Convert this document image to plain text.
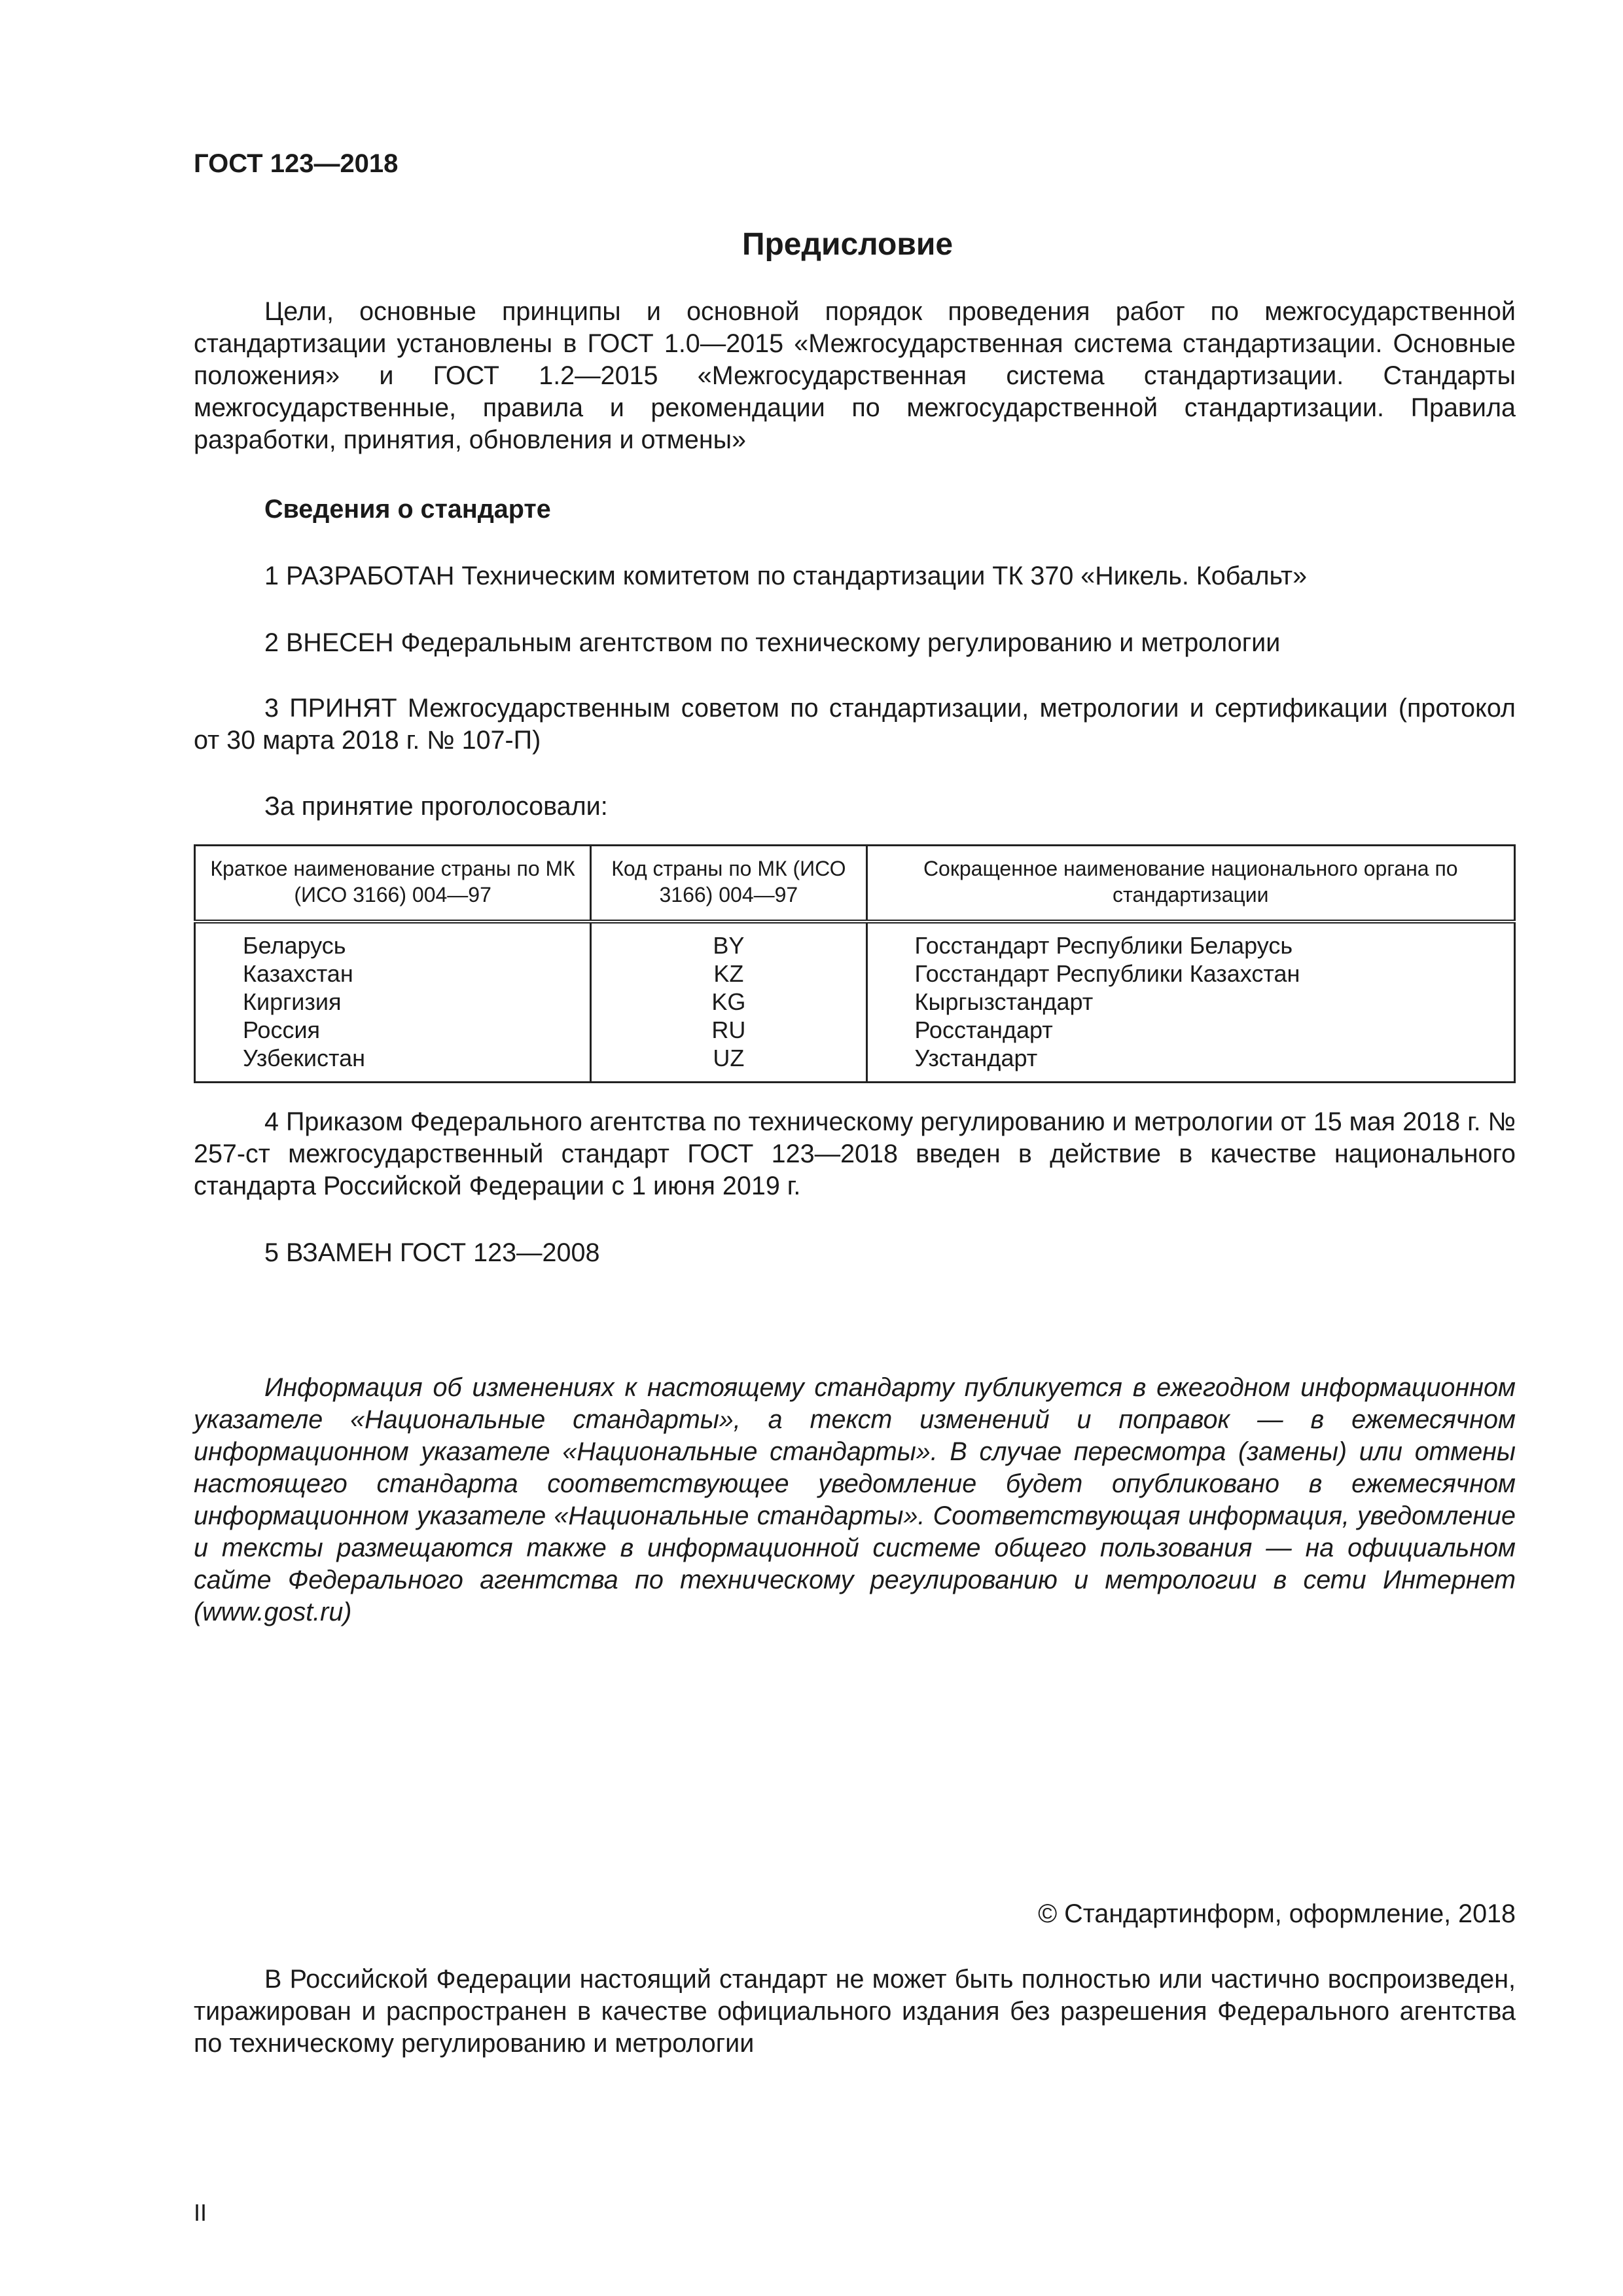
ГОСТ 123—2018
Предисловие
Цели, основные принципы и основной порядок проведения работ по межгосударственной стандартизации установлены в ГОСТ 1.0—2015 «Межгосударственная система стандартизации. Основные положения» и ГОСТ 1.2—2015 «Межгосударственная система стандартизации. Стандарты межгосударственные, правила и рекомендации по межгосударственной стандартизации. Правила разработки, принятия, обновления и отмены»
Сведения о стандарте
1 РАЗРАБОТАН Техническим комитетом по стандартизации ТК 370 «Никель. Кобальт»
2 ВНЕСЕН Федеральным агентством по техническому регулированию и метрологии
3 ПРИНЯТ Межгосударственным советом по стандартизации, метрологии и сертификации (протокол от 30 марта 2018 г. № 107-П)
За принятие проголосовали:
Краткое наименование страны по МК (ИСО 3166) 004—97	Код страны по МК (ИСО 3166) 004—97	Сокращенное наименование национального органа по стандартизации
Беларусь	BY	Госстандарт Республики Беларусь
Казахстан	KZ	Госстандарт Республики Казахстан
Киргизия	KG	Кыргызстандарт
Россия	RU	Росстандарт
Узбекистан	UZ	Узстандарт
4 Приказом Федерального агентства по техническому регулированию и метрологии от 15 мая 2018 г. № 257-ст межгосударственный стандарт ГОСТ 123—2018 введен в действие в качестве национального стандарта Российской Федерации с 1 июня 2019 г.
5 ВЗАМЕН ГОСТ 123—2008
Информация об изменениях к настоящему стандарту публикуется в ежегодном информационном указателе «Национальные стандарты», а текст изменений и поправок — в ежемесячном информационном указателе «Национальные стандарты». В случае пересмотра (замены) или отмены настоящего стандарта соответствующее уведомление будет опубликовано в ежемесячном информационном указателе «Национальные стандарты». Соответствующая информация, уведомление и тексты размещаются также в информационной системе общего пользования — на официальном сайте Федерального агентства по техническому регулированию и метрологии в сети Интернет (www.gost.ru)
© Стандартинформ, оформление, 2018
В Российской Федерации настоящий стандарт не может быть полностью или частично воспроизведен, тиражирован и распространен в качестве официального издания без разрешения Федерального агентства по техническому регулированию и метрологии
II
